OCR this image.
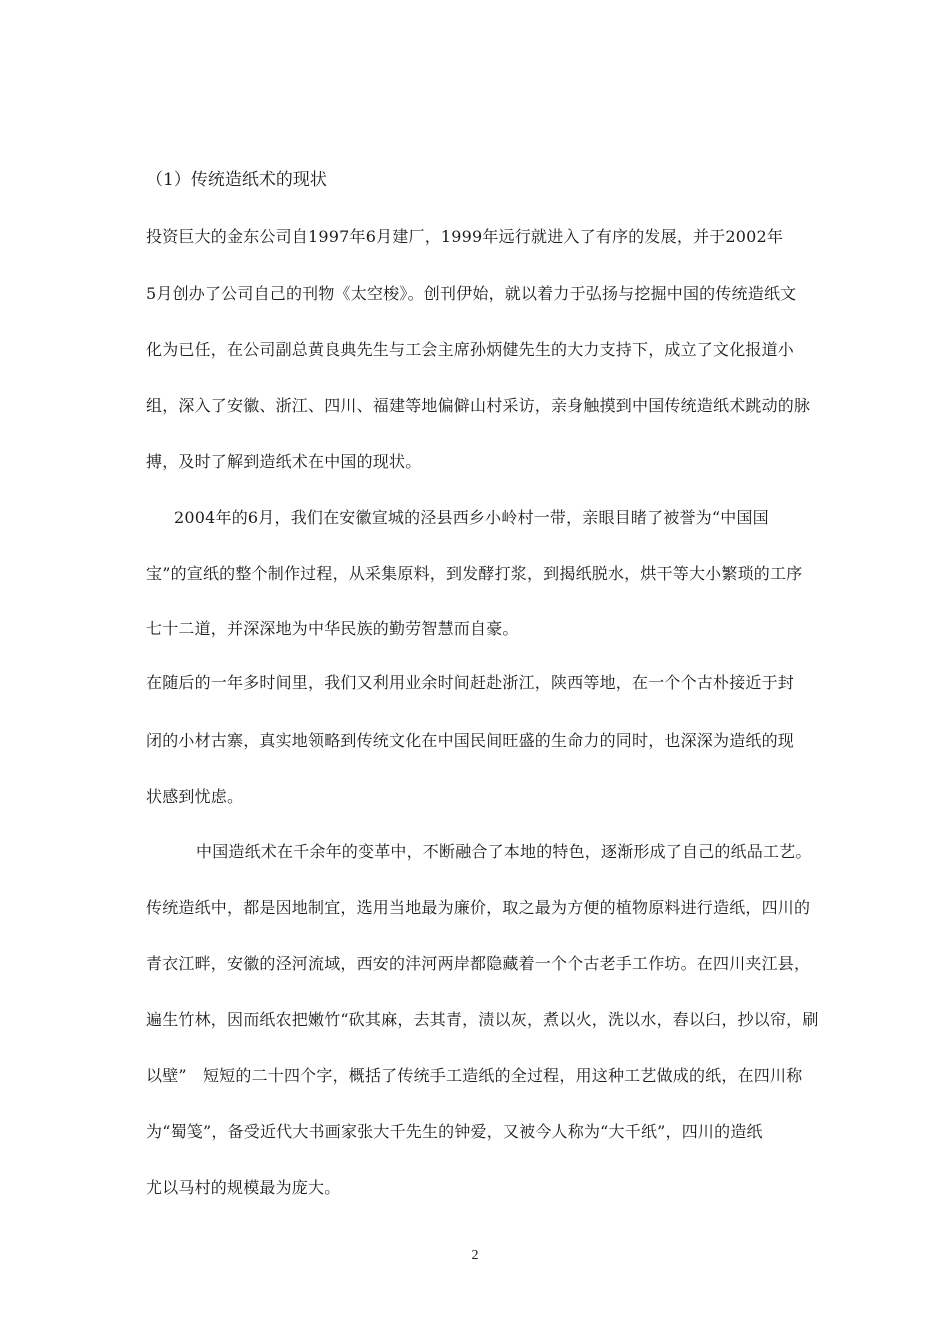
（1）传统造纸术的现状
投资巨大的金东公司自1997年6月建厂，1999年远行就进入了有序的发展，并于2002年
5月创办了公司自己的刊物《太空梭》。创刊伊始，就以着力于弘扬与挖掘中国的传统造纸文
化为已任，在公司副总黄良典先生与工会主席孙炳健先生的大力支持下，成立了文化报道小
组，深入了安徽、浙江、四川、福建等地偏僻山村采访，亲身触摸到中国传统造纸术跳动的脉
搏，及时了解到造纸术在中国的现状。
2004年的6月，我们在安徽宣城的泾县西乡小岭村一带，亲眼目睹了被誉为“中国国
宝”的宣纸的整个制作过程，从采集原料，到发酵打浆，到揭纸脱水，烘干等大小繁琐的工序
七十二道，并深深地为中华民族的勤劳智慧而自豪。
在随后的一年多时间里，我们又利用业余时间赶赴浙江，陕西等地，在一个个古朴接近于封
闭的小材古寨，真实地领略到传统文化在中国民间旺盛的生命力的同时，也深深为造纸的现
状感到忧虑。
中国造纸术在千余年的变革中，不断融合了本地的特色，逐渐形成了自己的纸品工艺。
传统造纸中，都是因地制宜，选用当地最为廉价，取之最为方便的植物原料进行造纸，四川的
青衣江畔，安徽的泾河流域，西安的沣河两岸都隐藏着一个个古老手工作坊。在四川夹江县，
遍生竹林，因而纸农把嫩竹“砍其麻，去其青，渍以灰，煮以火，洗以水，舂以臼，抄以帘，刷
以壁”　短短的二十四个字，概括了传统手工造纸的全过程，用这种工艺做成的纸，在四川称
为“蜀笺”，备受近代大书画家张大千先生的钟爱，又被今人称为“大千纸”，四川的造纸
尤以马村的规模最为庞大。
2
